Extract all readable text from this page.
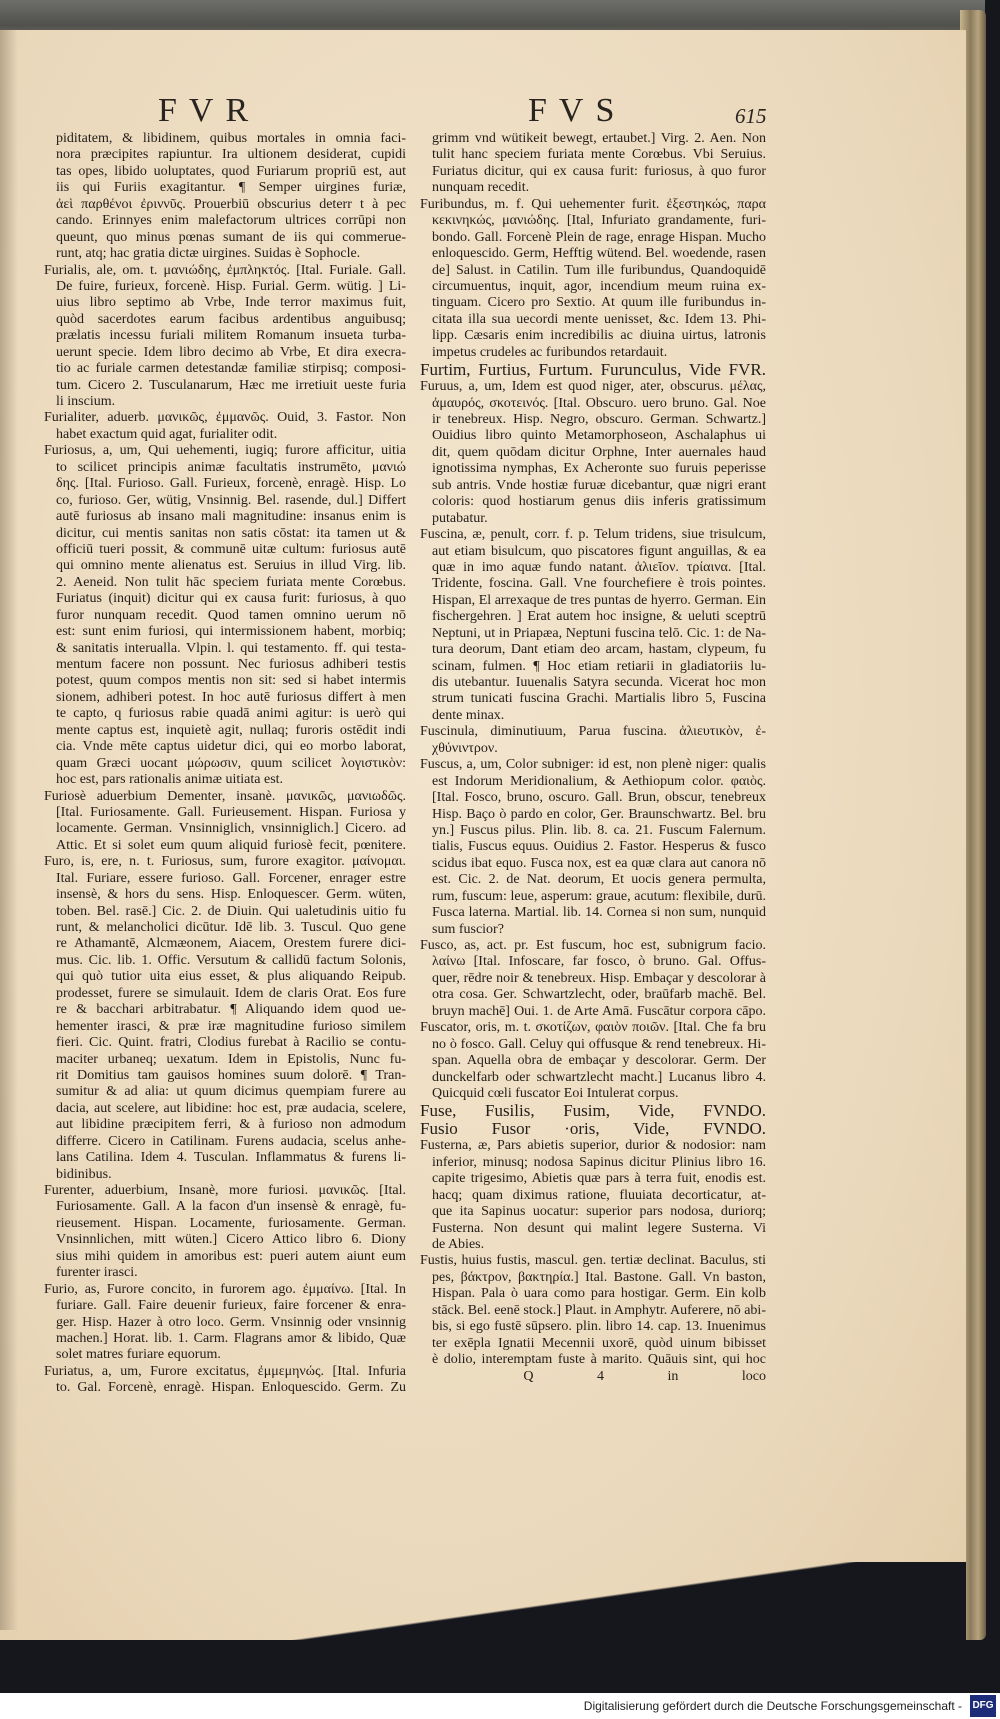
FVR	FVS	615
piditatem, & libidinem, quibus mortales in omnia faci-
nora præcipites rapiuntur. Ira ultionem desiderat, cupidi
tas opes, libido uoluptates, quod Furiarum propriū est, aut
iis qui Furiis exagitantur. ¶ Semper uirgines furiæ,
ἀεὶ παρθένοι ἐριννῦς. Prouerbiū obscurius deterr t à pec
cando. Erinnyes enim malefactorum ultrices corrūpi non
queunt, quo minus pœnas sumant de iis qui commerue-
runt, atq; hac gratia dictæ uirgines. Suidas è Sophocle.
Furialis, ale, om. t. μανιώδης, ἐμπληκτός. [Ital. Furiale. Gall.
De fuire, furieux, forcenè. Hisp. Furial. Germ. wütig. ] Li-
uius libro septimo ab Vrbe, Inde terror maximus fuit,
quòd sacerdotes earum facibus ardentibus anguibusq;
prælatis incessu furiali militem Romanum insueta turba-
uerunt specie. Idem libro decimo ab Vrbe, Et dira execra-
tio ac furiale carmen detestandæ familiæ stirpisq; composi-
tum. Cicero 2. Tusculanarum, Hæc me irretiuit ueste furia
li inscium.
Furialiter, aduerb. μανικῶς, ἐμμανῶς. Ouid, 3. Fastor. Non
habet exactum quid agat, furialiter odit.
Furiosus, a, um, Qui uehementi, iugiq; furore afficitur, uitia
to scilicet principis animæ facultatis instrumēto, μανιώ
δης. [Ital. Furioso. Gall. Furieux, forcenè, enragè. Hisp. Lo
co, furioso. Ger, wütig, Vnsinnig. Bel. rasende, dul.] Differt
autē furiosus ab insano mali magnitudine: insanus enim is
dicitur, cui mentis sanitas non satis cōstat: ita tamen ut &
officiū tueri possit, & communē uitæ cultum: furiosus autē
qui omnino mente alienatus est. Seruius in illud Virg. lib.
2. Aeneid. Non tulit hāc speciem furiata mente Corœbus.
Furiatus (inquit) dicitur qui ex causa furit: furiosus, à quo
furor nunquam recedit. Quod tamen omnino uerum nō
est: sunt enim furiosi, qui intermissionem habent, morbiq;
& sanitatis interualla. Vlpin. l. qui testamento. ff. qui testa-
mentum facere non possunt. Nec furiosus adhiberi testis
potest, quum compos mentis non sit: sed si habet intermis
sionem, adhiberi potest. In hoc autē furiosus differt à men
te capto, q furiosus rabie quadā animi agitur: is uerò qui
mente captus est, inquietè agit, nullaq; furoris ostēdit indi
cia. Vnde mēte captus uidetur dici, qui eo morbo laborat,
quam Græci uocant μώρωσιν, quum scilicet λογιστικὸν:
hoc est, pars rationalis animæ uitiata est.
Furiosè aduerbium Dementer, insanè. μανικῶς, μανιωδῶς.
[Ital. Furiosamente. Gall. Furieusement. Hispan. Furiosa y
locamente. German. Vnsinniglich, vnsinniglich.] Cicero. ad
Attic. Et si solet eum quum aliquid furiosè fecit, pœnitere.
Furo, is, ere, n. t. Furiosus, sum, furore exagitor. μαίνομαι.
Ital. Furiare, essere furioso. Gall. Forcener, enrager estre
insensè, & hors du sens. Hisp. Enloquescer. Germ. wüten,
toben. Bel. rasē.] Cic. 2. de Diuin. Qui ualetudinis uitio fu
runt, & melancholici dicūtur. Idē lib. 3. Tuscul. Quo gene
re Athamantē, Alcmæonem, Aiacem, Orestem furere dici-
mus. Cic. lib. 1. Offic. Versutum & callidū factum Solonis,
qui quò tutior uita eius esset, & plus aliquando Reipub.
prodesset, furere se simulauit. Idem de claris Orat. Eos fure
re & bacchari arbitrabatur. ¶ Aliquando idem quod ue-
hementer irasci, & præ iræ magnitudine furioso similem
fieri. Cic. Quint. fratri, Clodius furebat à Racilio se contu-
maciter urbaneq; uexatum. Idem in Epistolis, Nunc fu-
rit Domitius tam gauisos homines suum dolorē. ¶ Tran-
sumitur & ad alia: ut quum dicimus quempiam furere au
dacia, aut scelere, aut libidine: hoc est, præ audacia, scelere,
aut libidine præcipitem ferri, & à furioso non admodum
differre. Cicero in Catilinam. Furens audacia, scelus anhe-
lans Catilina. Idem 4. Tusculan. Inflammatus & furens li-
bidinibus.
Furenter, aduerbium, Insanè, more furiosi. μανικῶς. [Ital.
Furiosamente. Gall. A la facon d'un insensè & enragè, fu-
rieusement. Hispan. Locamente, furiosamente. German.
Vnsinnlichen, mitt wüten.] Cicero Attico libro 6. Diony
sius mihi quidem in amoribus est: pueri autem aiunt eum
furenter irasci.
Furio, as, Furore concito, in furorem ago. ἐμμαίνω. [Ital. In
furiare. Gall. Faire deuenir furieux, faire forcener & enra-
ger. Hisp. Hazer à otro loco. Germ. Vnsinnig oder vnsinnig
machen.] Horat. lib. 1. Carm. Flagrans amor & libido, Quæ
solet matres furiare equorum.
Furiatus, a, um, Furore excitatus, ἐμμεμηνώς. [Ital. Infuria
to. Gal. Forcenè, enragè. Hispan. Enloquescido. Germ. Zu
grimm vnd wütikeit bewegt, ertaubet.] Virg. 2. Aen. Non
tulit hanc speciem furiata mente Corœbus. Vbi Seruius.
Furiatus dicitur, qui ex causa furit: furiosus, à quo furor
nunquam recedit.
Furibundus, m. f. Qui uehementer furit. ἐξεστηκώς, παρα
κεκινηκώς, μανιώδης. [Ital, Infuriato grandamente, furi-
bondo. Gall. Forcenè Plein de rage, enrage Hispan. Mucho
enloquescido. Germ, Hefftig wütend. Bel. woedende, rasen
de] Salust. in Catilin. Tum ille furibundus, Quandoquidē
circumuentus, inquit, agor, incendium meum ruina ex-
tinguam. Cicero pro Sextio. At quum ille furibundus in-
citata illa sua uecordi mente uenisset, &c. Idem 13. Phi-
lipp. Cæsaris enim incredibilis ac diuina uirtus, latronis
impetus crudeles ac furibundos retardauit.
Furtim, Furtius, Furtum. Furunculus, Vide FVR.
Furuus, a, um, Idem est quod niger, ater, obscurus. μέλας,
ἀμαυρός, σκοτεινός. [Ital. Obscuro. uero bruno. Gal. Noe
ir tenebreux. Hisp. Negro, obscuro. German. Schwartz.]
Ouidius libro quinto Metamorphoseon, Aschalaphus ui
dit, quem quōdam dicitur Orphne, Inter auernales haud
ignotissima nymphas, Ex Acheronte suo furuis peperisse
sub antris. Vnde hostiæ furuæ dicebantur, quæ nigri erant
coloris: quod hostiarum genus diis inferis gratissimum
putabatur.
Fuscina, æ, penult, corr. f. p. Telum tridens, siue trisulcum,
aut etiam bisulcum, quo piscatores figunt anguillas, & ea
quæ in imo aquæ fundo natant. ἁλιεῖον. τρίαινα. [Ital.
Tridente, foscina. Gall. Vne fourchefiere è trois pointes.
Hispan, El arrexaque de tres puntas de hyerro. German. Ein
fischergehren. ] Erat autem hoc insigne, & ueluti sceptrū
Neptuni, ut in Priapæa, Neptuni fuscina telō. Cic. 1: de Na-
tura deorum, Dant etiam deo arcam, hastam, clypeum, fu
scinam, fulmen. ¶ Hoc etiam retiarii in gladiatoriis lu-
dis utebantur. Iuuenalis Satyra secunda. Vicerat hoc mon
strum tunicati fuscina Grachi. Martialis libro 5, Fuscina
dente minax.
Fuscinula, diminutiuum, Parua fuscina. ἁλιευτικὸν, ἐ-
χθύνιντρον.
Fuscus, a, um, Color subniger: id est, non plenè niger: qualis
est Indorum Meridionalium, & Aethiopum color. φαιὸς.
[Ital. Fosco, bruno, oscuro. Gall. Brun, obscur, tenebreux
Hisp. Baço ò pardo en color, Ger. Braunschwartz. Bel. bru
yn.] Fuscus pilus. Plin. lib. 8. ca. 21. Fuscum Falernum.
tialis, Fuscus equus. Ouidius 2. Fastor. Hesperus & fusco
scidus ibat equo. Fusca nox, est ea quæ clara aut canora nō
est. Cic. 2. de Nat. deorum, Et uocis genera permulta,
rum, fuscum: leue, asperum: graue, acutum: flexibile, durū.
Fusca laterna. Martial. lib. 14. Cornea si non sum, nunquid
sum fuscior?
Fusco, as, act. pr. Est fuscum, hoc est, subnigrum facio.
λαίνω [Ital. Infoscare, far fosco, ò bruno. Gal. Offus-
quer, rēdre noir & tenebreux. Hisp. Embaçar y descolorar à
otra cosa. Ger. Schwartzlecht, oder, braūfarb machē. Bel.
bruyn machē] Oui. 1. de Arte Amā. Fuscātur corpora cāpo.
Fuscator, oris, m. t. σκοτίζων, φαιὸν ποιῶν. [Ital. Che fa bru
no ò fosco. Gall. Celuy qui offusque & rend tenebreux. Hi-
span. Aquella obra de embaçar y descolorar. Germ. Der
dunckelfarb oder schwartzlecht macht.] Lucanus libro 4.
Quicquid cœli fuscator Eoi Intulerat corpus.
Fuse, Fusilis, Fusim, Vide, FVNDO.
Fusio Fusor ·oris, Vide, FVNDO.
Fusterna, æ, Pars abietis superior, durior & nodosior: nam
inferior, minusq; nodosa Sapinus dicitur Plinius libro 16.
capite trigesimo, Abietis quæ pars à terra fuit, enodis est.
hacq; quam diximus ratione, fluuiata decorticatur, at-
que ita Sapinus uocatur: superior pars nodosa, duriorq;
Fusterna. Non desunt qui malint legere Susterna. Vi
de Abies.
Fustis, huius fustis, mascul. gen. tertiæ declinat. Baculus, sti
pes, βάκτρον, βακτηρία.] Ital. Bastone. Gall. Vn baston,
Hispan. Pala ò uara como para hostigar. Germ. Ein kolb
stāck. Bel. eenē stock.] Plaut. in Amphytr. Auferere, nō abi-
bis, si ego fustē sūpsero. plin. libro 14. cap. 13. Inuenimus
ter exēpla Ignatii Mecennii uxorē, quòd uinum bibisset
è dolio, interemptam fuste à marito. Quāuis sint, qui hoc
Q 4 in loco
Digitalisierung gefördert durch die Deutsche Forschungsgemeinschaft - DFG
